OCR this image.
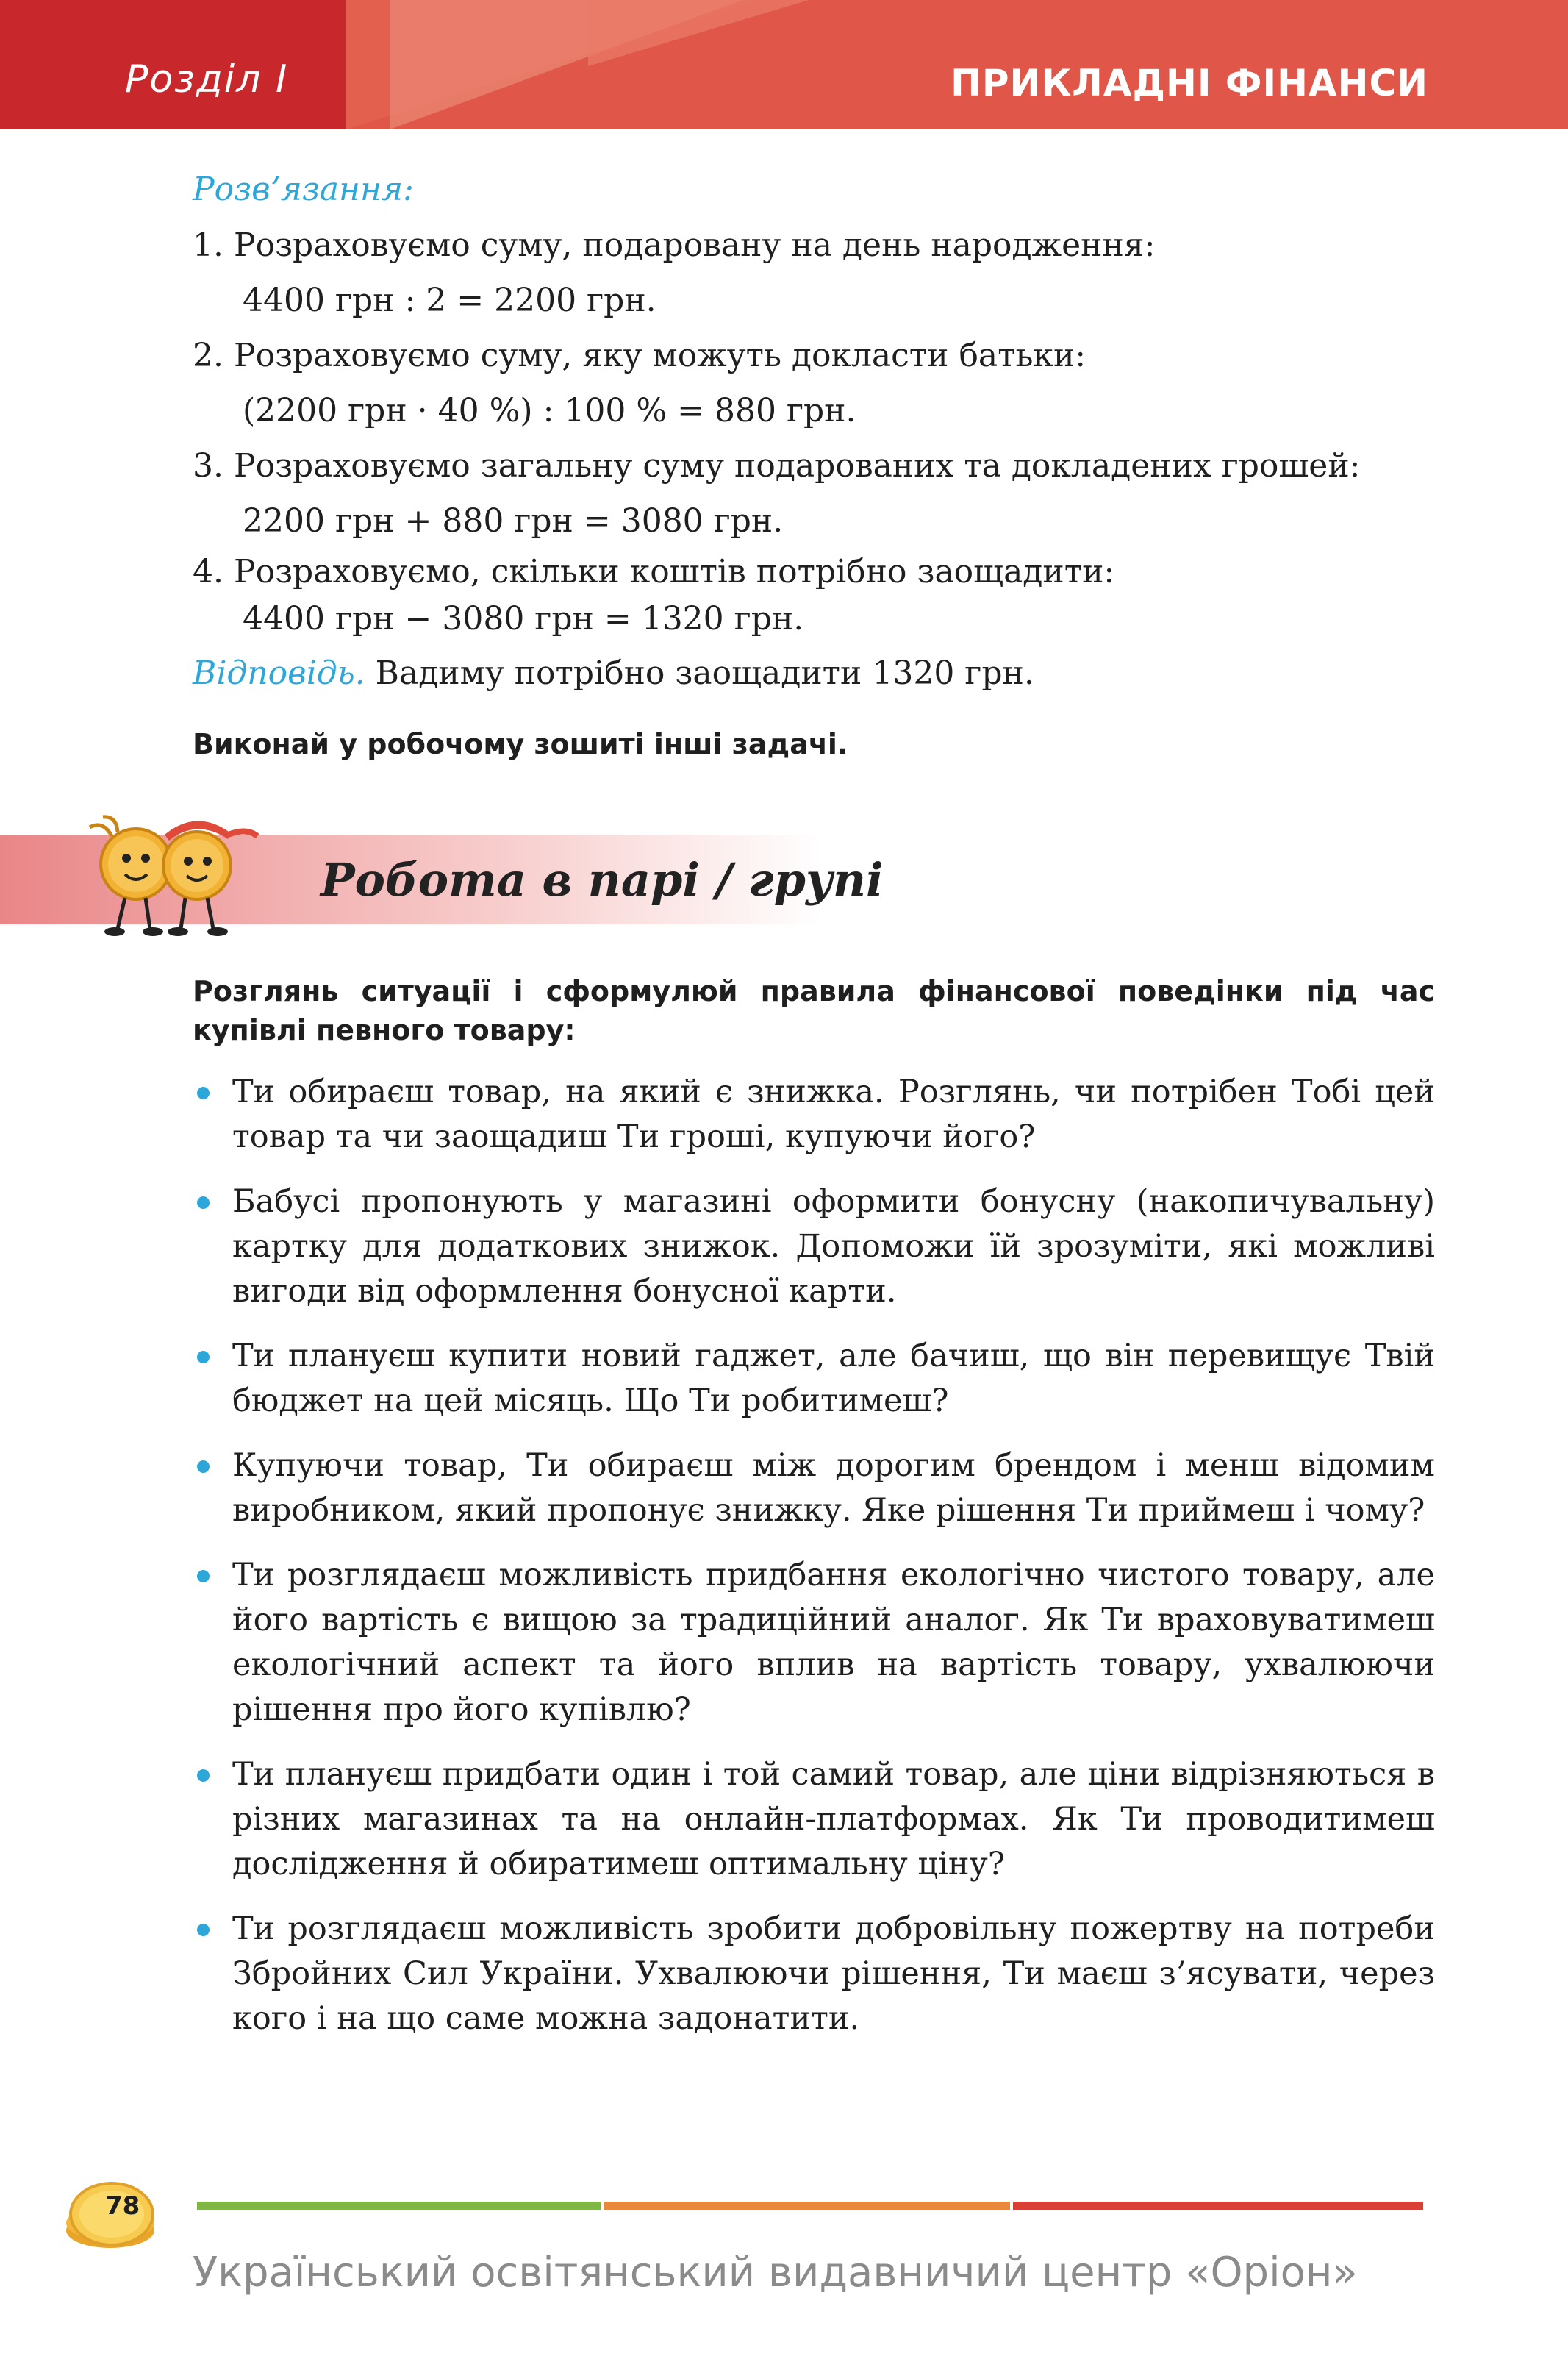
Розділ І	ПРИКЛАДНІ ФІНАНСИ
Розв’язання:
1. Розраховуємо суму, подаровану на день народження:
4400 грн : 2 = 2200 грн.
2. Розраховуємо суму, яку можуть докласти батьки:
(2200 грн · 40 %) : 100 % = 880 грн.
3. Розраховуємо загальну суму подарованих та докладених грошей:
2200 грн + 880 грн = 3080 грн.
4. Розраховуємо, скільки коштів потрібно заощадити:
4400 грн − 3080 грн = 1320 грн.
Відповідь. Вадиму потрібно заощадити 1320 грн.
Виконай у робочому зошиті інші задачі.
Робота в парі / групі
Розглянь ситуації і сформулюй правила фінансової поведінки під час купівлі певного товару:
Ти обираєш товар, на який є знижка. Розглянь, чи потрібен Тобі цей товар та чи заощадиш Ти гроші, купуючи його?
Бабусі пропонують у магазині оформити бонусну (накопичувальну) картку для додаткових знижок. Допоможи їй зрозуміти, які можливі вигоди від оформлення бонусної карти.
Ти плануєш купити новий гаджет, але бачиш, що він перевищує Твій бюджет на цей місяць. Що Ти робитимеш?
Купуючи товар, Ти обираєш між дорогим брендом і менш відомим виробником, який пропонує знижку. Яке рішення Ти приймеш і чому?
Ти розглядаєш можливість придбання екологічно чистого товару, але його вартість є вищою за традиційний аналог. Як Ти враховуватимеш екологічний аспект та його вплив на вартість товару, ухвалюючи рішення про його купівлю?
Ти плануєш придбати один і той самий товар, але ціни відрізняються в різних магазинах та на онлайн-платформах. Як Ти проводитимеш дослідження й обиратимеш оптимальну ціну?
Ти розглядаєш можливість зробити добровільну пожертву на потреби Збройних Сил України. Ухвалюючи рішення, Ти маєш з’ясувати, через кого і на що саме можна задонатити.
78
Український освітянський видавничий центр «Оріон»
